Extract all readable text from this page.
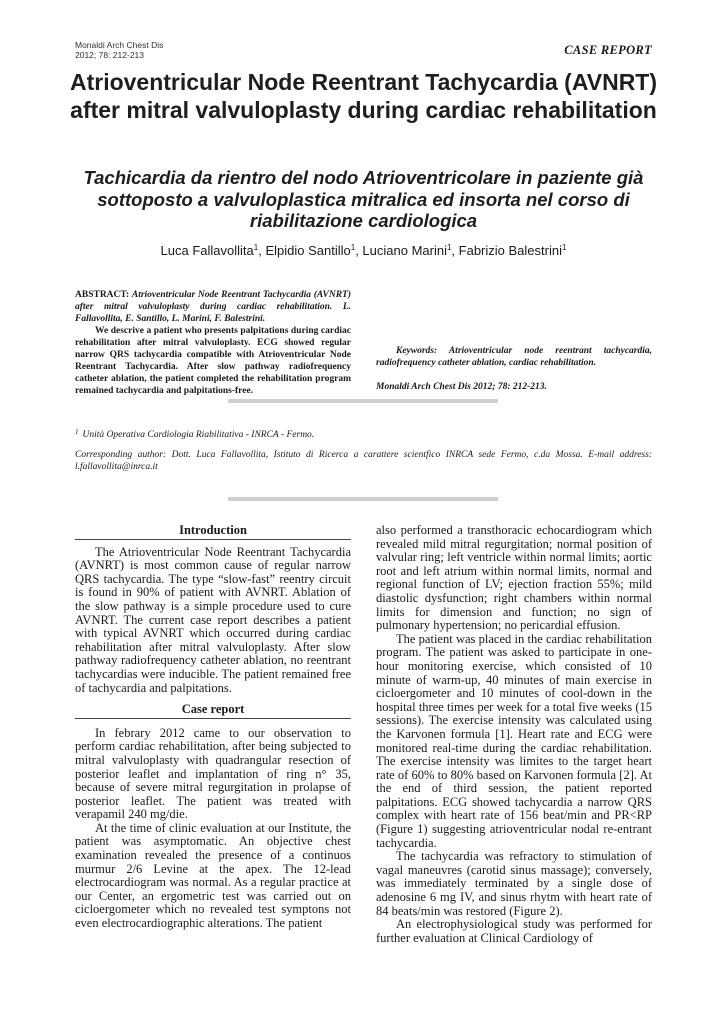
Monaldi Arch Chest Dis
2012; 78: 212-213	CASE REPORT
Atrioventricular Node Reentrant Tachycardia (AVNRT) after mitral valvuloplasty during cardiac rehabilitation
Tachicardia da rientro del nodo Atrioventricolare in paziente già sottoposto a valvuloplastica mitralica ed insorta nel corso di riabilitazione cardiologica
Luca Fallavollita$^1$, Elpidio Santillo$^1$, Luciano Marini$^1$, Fabrizio Balestrini$^1$

ABSTRACT: Atrioventricular Node Reentrant Tachycardia (AVNRT) after mitral valvuloplasty during cardiac rehabilitation. L. Fallavollita, E. Santillo, L. Marini, F. Balestrini.

We descrive a patient who presents palpitations during cardiac rehabilitation after mitral valvuloplasty. ECG showed regular narrow QRS tachycardia compatible with Atrioventricular Node Reentrant Tachycardia. After slow pathway radiofrequency catheter ablation, the patient completed the rehabilitation program remained tachycardia and palpitations-free.

Keywords: Atrioventricular node reentrant tachycardia, radiofrequency catheter ablation, cardiac rehabilitation.

Monaldi Arch Chest Dis 2012; 78: 212-213.

$^1$ Unità Operativa Cardiologia Riabilitativa - INRCA - Fermo.
Corresponding author: Dott. Luca Fallavollita, Istituto di Ricerca a carattere scientfico INRCA sede Fermo, c.da Mossa. E-mail address: l.fallavollita@inrca.it
Introduction

The Atrioventricular Node Reentrant Tachycardia (AVNRT) is most common cause of regular narrow QRS tachycardia. The type “slow-fast” reentry circuit is found in 90% of patient with AVNRT. Ablation of the slow pathway is a simple procedure used to cure AVNRT. The current case report describes a patient with typical AVNRT which occurred during cardiac rehabilitation after mitral valvuloplasty. After slow pathway radiofrequency catheter ablation, no reentrant tachycardias were inducible. The patient remained free of tachycardia and palpitations.

Case report

In febrary 2012 came to our observation to perform cardiac rehabilitation, after being subjected to mitral valvuloplasty with quadrangular resection of posterior leaflet and implantation of ring n° 35, because of severe mitral regurgitation in prolapse of posterior leaflet. The patient was treated with verapamil 240 mg/die.

At the time of clinic evaluation at our Institute, the patient was asymptomatic. An objective chest examination revealed the presence of a continuos murmur 2/6 Levine at the apex. The 12-lead electrocardiogram was normal. As a regular practice at our Center, an ergometric test was carried out on cicloergometer which no revealed test symptons not even electrocardiographic alterations. The patient

also performed a transthoracic echocardiogram which revealed mild mitral regurgitation; normal position of valvular ring; left ventricle within normal limits; aortic root and left atrium within normal limits, normal and regional function of LV; ejection fraction 55%; mild diastolic dysfunction; right chambers within normal limits for dimension and function; no sign of pulmonary hypertension; no pericardial effusion.

The patient was placed in the cardiac rehabilitation program. The patient was asked to participate in one-hour monitoring exercise, which consisted of 10 minute of warm-up, 40 minutes of main exercise in cicloergometer and 10 minutes of cool-down in the hospital three times per week for a total five weeks (15 sessions). The exercise intensity was calculated using the Karvonen formula [1]. Heart rate and ECG were monitored real-time during the cardiac rehabilitation. The exercise intensity was limites to the target heart rate of 60% to 80% based on Karvonen formula [2]. At the end of third session, the patient reported palpitations. ECG showed tachycardia a narrow QRS complex with heart rate of 156 beat/min and PR<RP (Figure 1) suggesting atrioventricular nodal re-entrant tachycardia.

The tachycardia was refractory to stimulation of vagal maneuvres (carotid sinus massage); conversely, was immediately terminated by a single dose of adenosine 6 mg IV, and sinus rhytm with heart rate of 84 beats/min was restored (Figure 2).

An electrophysiological study was performed for further evaluation at Clinical Cardiology of
